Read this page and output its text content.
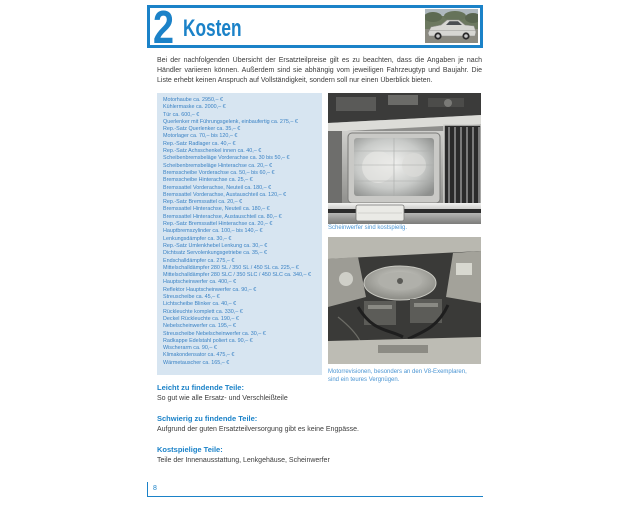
2 Kosten
Bei der nachfolgenden Übersicht der Ersatzteilpreise gilt es zu beachten, dass die Angaben je nach
Händler variieren können. Außerdem sind sie abhängig vom jeweiligen Fahrzeugtyp und Baujahr. Die
Liste erhebt keinen Anspruch auf Vollständigkeit, sondern soll nur einen Überblick bieten.
Motorhaube ca. 2950,– €
Kühlermaske ca. 2000,– €
Tür ca. 600,– €
Querlenker mit Führungsgelenk, einbaufertig ca. 275,– €
Rep.-Satz Querlenker ca. 35,– €
Motorlager ca. 70,– bis 120,– €
Rep.-Satz Radlager ca. 40,– €
Rep.-Satz Achsschenkel innen ca. 40,– €
Scheibenbremsbeläge Vorderachse ca. 30 bis 50,– €
Scheibenbremsbeläge Hinterachse ca. 20,– €
Bremsscheibe Vorderachse ca. 50,– bis 60,– €
Bremsscheibe Hinterachse ca. 25,– €
Bremssattel Vorderachse, Neuteil ca. 180,– €
Bremssattel Vorderachse, Austauschteil ca. 120,– €
Rep.-Satz Bremssattel ca. 20,– €
Bremssattel Hinterachse, Neuteil ca. 180,– €
Bremssattel Hinterachse, Austauschteil ca. 80,– €
Rep.-Satz Bremssattel Hinterachse ca. 20,– €
Hauptbremszylinder ca. 100,– bis 140,– €
Lenkungsdämpfer ca. 30,– €
Rep.-Satz Umlenkhebel Lenkung ca. 30,– €
Dichtsatz Servolenkungsgetriebe ca. 35,– €
Endschalldämpfer ca. 275,– €
Mittelschalldämpfer 280 SL / 350 SL / 450 SL ca. 225,– €
Mittelschalldämpfer 280 SLC / 350 SLC / 450 SLC ca. 340,– €
Hauptscheinwerfer ca. 400,– €
Reflektor Hauptscheinwerfer ca. 90,– €
Streuscheibe ca. 45,– €
Lichtscheibe Blinker ca. 40,– €
Rückleuchte komplett ca. 330,– €
Deckel Rückleuchte ca. 190,– €
Nebelscheinwerfer ca. 195,– €
Streuscheibe Nebelscheinwerfer ca. 30,– €
Radkappe Edelstahl poliert ca. 90,– €
Wischerarm ca. 90,– €
Klimakondensator ca. 475,– €
Wärmetauscher ca. 165,– €
Scheinwerfer sind kostspielig.
Motorrevisionen, besonders an den V8-Exemplaren,
sind ein teures Vergnügen.
Leicht zu findende Teile:
So gut wie alle Ersatz- und Verschleißteile
Schwierig zu findende Teile:
Aufgrund der guten Ersatzteilversorgung gibt es keine Engpässe.
Kostspielige Teile:
Teile der Innenausstattung, Lenkgehäuse, Scheinwerfer
8
